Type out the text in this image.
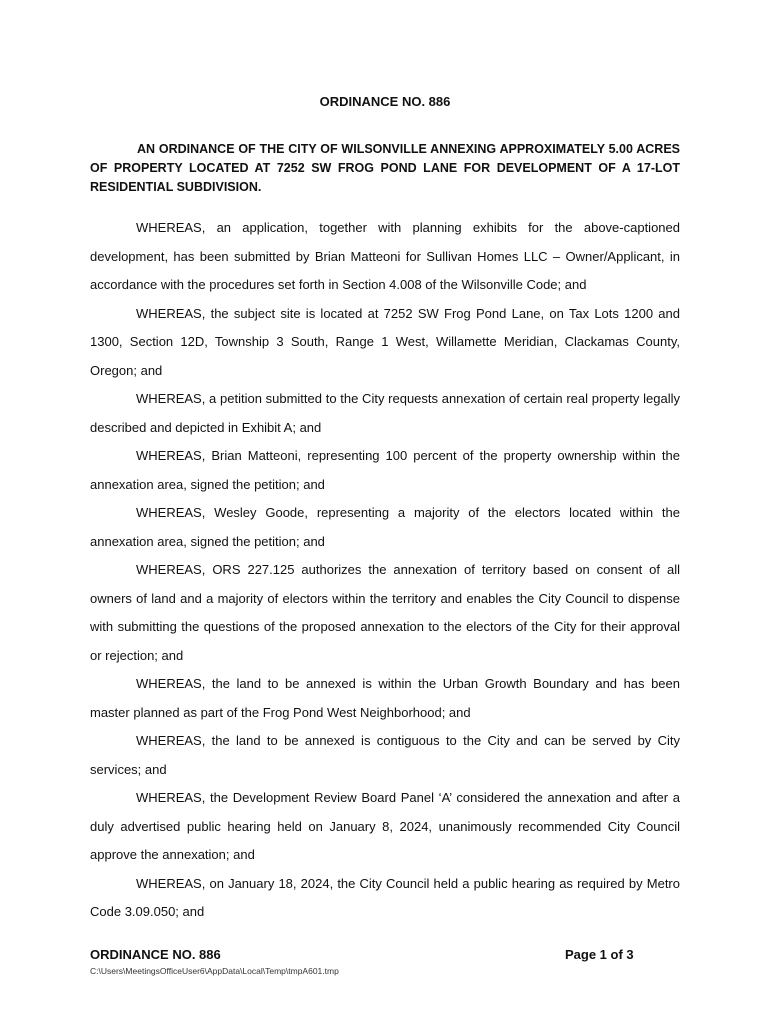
ORDINANCE NO. 886

AN ORDINANCE OF THE CITY OF WILSONVILLE ANNEXING APPROXIMATELY 5.00 ACRES OF PROPERTY LOCATED AT 7252 SW FROG POND LANE FOR DEVELOPMENT OF A 17-LOT RESIDENTIAL SUBDIVISION.

WHEREAS, an application, together with planning exhibits for the above-captioned development, has been submitted by Brian Matteoni for Sullivan Homes LLC – Owner/Applicant, in accordance with the procedures set forth in Section 4.008 of the Wilsonville Code; and

WHEREAS, the subject site is located at 7252 SW Frog Pond Lane, on Tax Lots 1200 and 1300, Section 12D, Township 3 South, Range 1 West, Willamette Meridian, Clackamas County, Oregon; and

WHEREAS, a petition submitted to the City requests annexation of certain real property legally described and depicted in Exhibit A; and

WHEREAS, Brian Matteoni, representing 100 percent of the property ownership within the annexation area, signed the petition; and

WHEREAS, Wesley Goode, representing a majority of the electors located within the annexation area, signed the petition; and

WHEREAS, ORS 227.125 authorizes the annexation of territory based on consent of all owners of land and a majority of electors within the territory and enables the City Council to dispense with submitting the questions of the proposed annexation to the electors of the City for their approval or rejection; and

WHEREAS, the land to be annexed is within the Urban Growth Boundary and has been master planned as part of the Frog Pond West Neighborhood; and

WHEREAS, the land to be annexed is contiguous to the City and can be served by City services; and

WHEREAS, the Development Review Board Panel ‘A’ considered the annexation and after a duly advertised public hearing held on January 8, 2024, unanimously recommended City Council approve the annexation; and

WHEREAS, on January 18, 2024, the City Council held a public hearing as required by Metro Code 3.09.050; and

ORDINANCE NO. 886	Page 1 of 3
C:\Users\MeetingsOfficeUser6\AppData\Local\Temp\tmpA601.tmp
